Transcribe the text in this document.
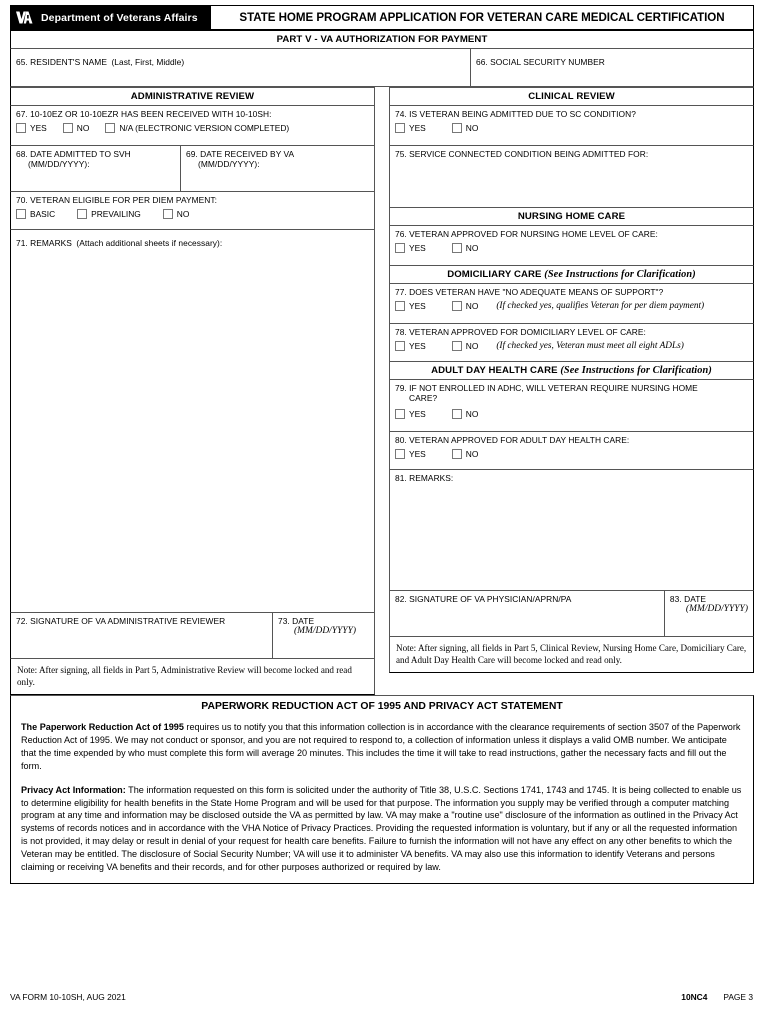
Department of Veterans Affairs	STATE HOME PROGRAM APPLICATION FOR VETERAN CARE MEDICAL CERTIFICATION
PART V - VA AUTHORIZATION FOR PAYMENT
65. RESIDENT'S NAME (Last, First, Middle)	66. SOCIAL SECURITY NUMBER
ADMINISTRATIVE REVIEW
67. 10-10EZ OR 10-10EZR HAS BEEN RECEIVED WITH 10-10SH:
YES	NO	N/A (ELECTRONIC VERSION COMPLETED)
68. DATE ADMITTED TO SVH
(MM/DD/YYYY):
69. DATE RECEIVED BY VA
(MM/DD/YYYY):
70. VETERAN ELIGIBLE FOR PER DIEM PAYMENT:
BASIC	PREVAILING	NO
71. REMARKS (Attach additional sheets if necessary):
72. SIGNATURE OF VA ADMINISTRATIVE REVIEWER	73. DATE
(MM/DD/YYYY)
Note: After signing, all fields in Part 5, Administrative Review will become locked and read only.
CLINICAL REVIEW
74. IS VETERAN BEING ADMITTED DUE TO SC CONDITION?
YES	NO
75. SERVICE CONNECTED CONDITION BEING ADMITTED FOR:
NURSING HOME CARE
76. VETERAN APPROVED FOR NURSING HOME LEVEL OF CARE:
YES	NO
DOMICILIARY CARE (See Instructions for Clarification)
77. DOES VETERAN HAVE "NO ADEQUATE MEANS OF SUPPORT"?
YES	NO (If checked yes, qualifies Veteran for per diem payment)
78. VETERAN APPROVED FOR DOMICILIARY LEVEL OF CARE:
YES	NO (If checked yes, Veteran must meet all eight ADLs)
ADULT DAY HEALTH CARE (See Instructions for Clarification)
79. IF NOT ENROLLED IN ADHC, WILL VETERAN REQUIRE NURSING HOME
CARE?
YES	NO
80. VETERAN APPROVED FOR ADULT DAY HEALTH CARE:
YES	NO
81. REMARKS:
82. SIGNATURE OF VA PHYSICIAN/APRN/PA	83. DATE
(MM/DD/YYYY)
Note: After signing, all fields in Part 5, Clinical Review, Nursing Home Care, Domiciliary Care, and Adult Day Health Care will become locked and read only.
PAPERWORK REDUCTION ACT OF 1995 AND PRIVACY ACT STATEMENT

The Paperwork Reduction Act of 1995 requires us to notify you that this information collection is in accordance with the clearance requirements of section 3507 of the Paperwork Reduction Act of 1995. We may not conduct or sponsor, and you are not required to respond to, a collection of information unless it displays a valid OMB number. We anticipate that the time expended by who must complete this form will average 20 minutes. This includes the time it will take to read instructions, gather the necessary facts and fill out the form.

Privacy Act Information: The information requested on this form is solicited under the authority of Title 38, U.S.C. Sections 1741, 1743 and 1745. It is being collected to enable us to determine eligibility for health benefits in the State Home Program and will be used for that purpose. The information you supply may be verified through a computer matching program at any time and information may be disclosed outside the VA as permitted by law. VA may make a "routine use" disclosure of the information as outlined in the Privacy Act systems of records notices and in accordance with the VHA Notice of Privacy Practices. Providing the requested information is voluntary, but if any or all the requested information is not provided, it may delay or result in denial of your request for health care benefits. Failure to furnish the information will not have any effect on any other benefits to which the Veteran may be entitled. The disclosure of Social Security Number; VA will use it to administer VA benefits. VA may also use this information to identify Veterans and persons claiming or receiving VA benefits and their records, and for other purposes authorized or required by law.

VA FORM 10-10SH, AUG 2021	10NC4 PAGE 3
